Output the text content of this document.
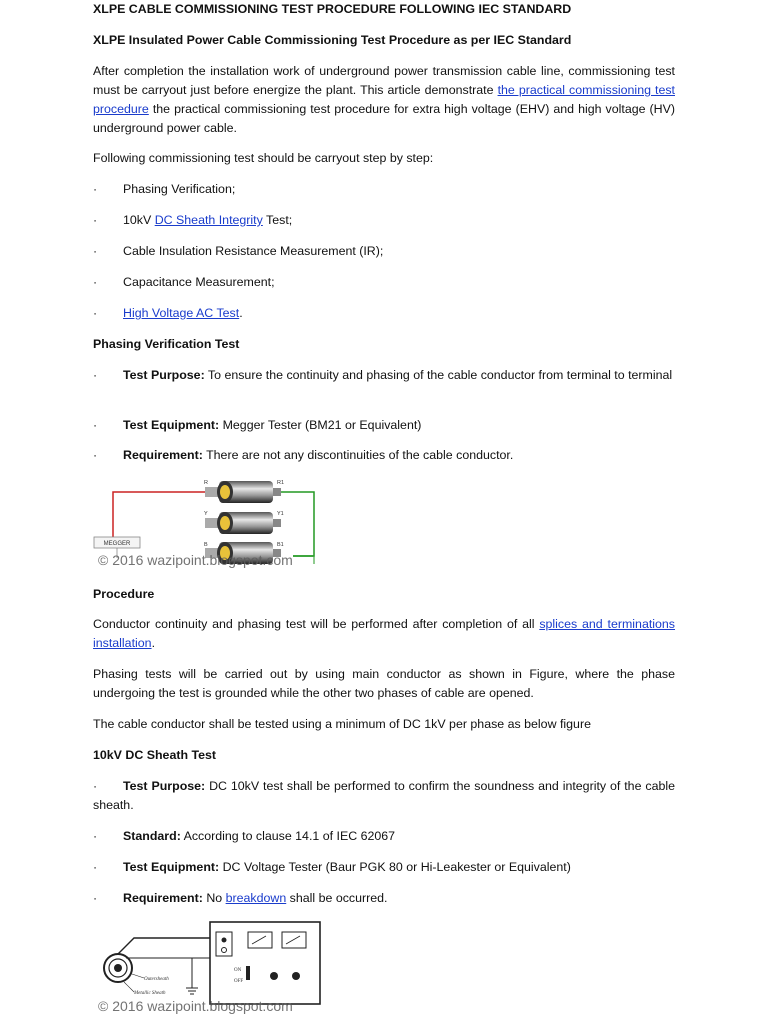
XLPE CABLE COMMISSIONING TEST PROCEDURE FOLLOWING IEC STANDARD

XLPE Insulated Power Cable Commissioning Test Procedure as per IEC Standard

After completion the installation work of underground power transmission cable line, commissioning test must be carryout just before energize the plant. This article demonstrate the practical commissioning test procedure the practical commissioning test procedure for extra high voltage (EHV) and high voltage (HV) underground power cable.

Following commissioning test should be carryout step by step:

·	Phasing Verification;
·	10kV DC Sheath Integrity Test;
·	Cable Insulation Resistance Measurement (IR);
·	Capacitance Measurement;
·	High Voltage AC Test.

Phasing Verification Test

· Test Purpose: To ensure the continuity and phasing of the cable conductor from terminal to terminal
·	Test Equipment: Megger Tester (BM21 or Equivalent)
·	Requirement: There are not any discontinuities of the cable conductor.

Procedure

Conductor continuity and phasing test will be performed after completion of all splices and terminations installation.

Phasing tests will be carried out by using main conductor as shown in Figure, where the phase undergoing the test is grounded while the other two phases of cable are opened.

The cable conductor shall be tested using a minimum of DC 1kV per phase as below figure

10kV DC Sheath Test

· Test Purpose: DC 10kV test shall be performed to confirm the soundness and integrity of the cable sheath.
·	Standard: According to clause 14.1 of IEC 62067
·	Test Equipment: DC Voltage Tester (Baur PGK 80 or Hi-Leakester or Equivalent)
·	Requirement: No breakdown shall be occurred.
MEGGER
R
Y
B
R1
Y1
B1
© 2016 wazipoint.blogspot.com
ON
OFF
Outersheath
Metallic Sheath
© 2016 wazipoint.blogspot.com
